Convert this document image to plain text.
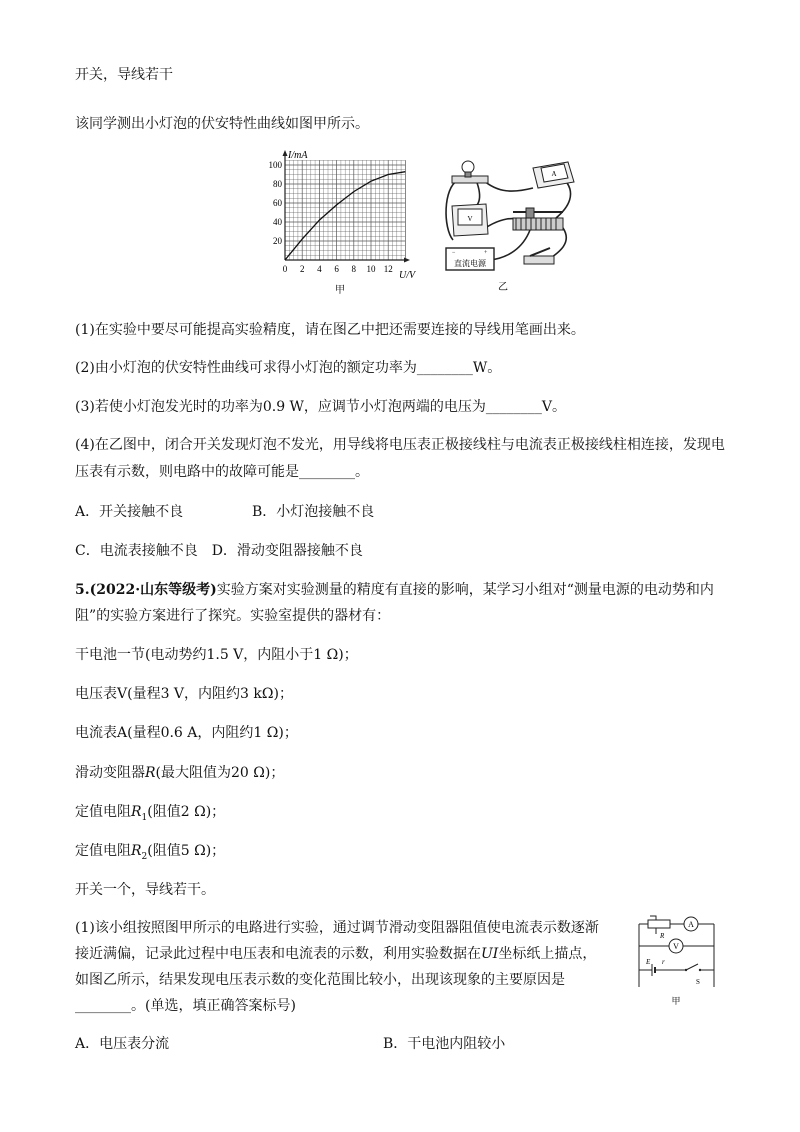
开关，导线若干
该同学测出小灯泡的伏安特性曲线如图甲所示。
I/mA
20
40
60
80
100
0 2 4 6 8 10 12
U/V
甲
A
V
−	+
直流电源
乙
(1)在实验中要尽可能提高实验精度，请在图乙中把还需要连接的导线用笔画出来。
(2)由小灯泡的伏安特性曲线可求得小灯泡的额定功率为________W。
(3)若使小灯泡发光时的功率为0.9 W，应调节小灯泡两端的电压为________V。
(4)在乙图中，闭合开关发现灯泡不发光，用导线将电压表正极接线柱与电流表正极接线柱相连接，发现电
压表有示数，则电路中的故障可能是________。
A．开关接触不良	B．小灯泡接触不良
C．电流表接触不良　D．滑动变阻器接触不良
5.(2022·山东等级考)实验方案对实验测量的精度有直接的影响，某学习小组对“测量电源的电动势和内
阻”的实验方案进行了探究。实验室提供的器材有：
干电池一节(电动势约1.5 V，内阻小于1 Ω)；
电压表V(量程3 V，内阻约3 kΩ)；
电流表A(量程0.6 A，内阻约1 Ω)；
滑动变阻器R(最大阻值为20 Ω)；
定值电阻$R_1$(阻值2 Ω)；
定值电阻$R_2$(阻值5 Ω)；
开关一个，导线若干。
(1)该小组按照图甲所示的电路进行实验，通过调节滑动变阻器阻值使电流表示数逐渐
接近满偏，记录此过程中电压表和电流表的示数，利用实验数据在UI坐标纸上描点，
如图乙所示，结果发现电压表示数的变化范围比较小，出现该现象的主要原因是
________。(单选，填正确答案标号)
R
A
V
E r
S
甲
A．电压表分流	B．干电池内阻较小
